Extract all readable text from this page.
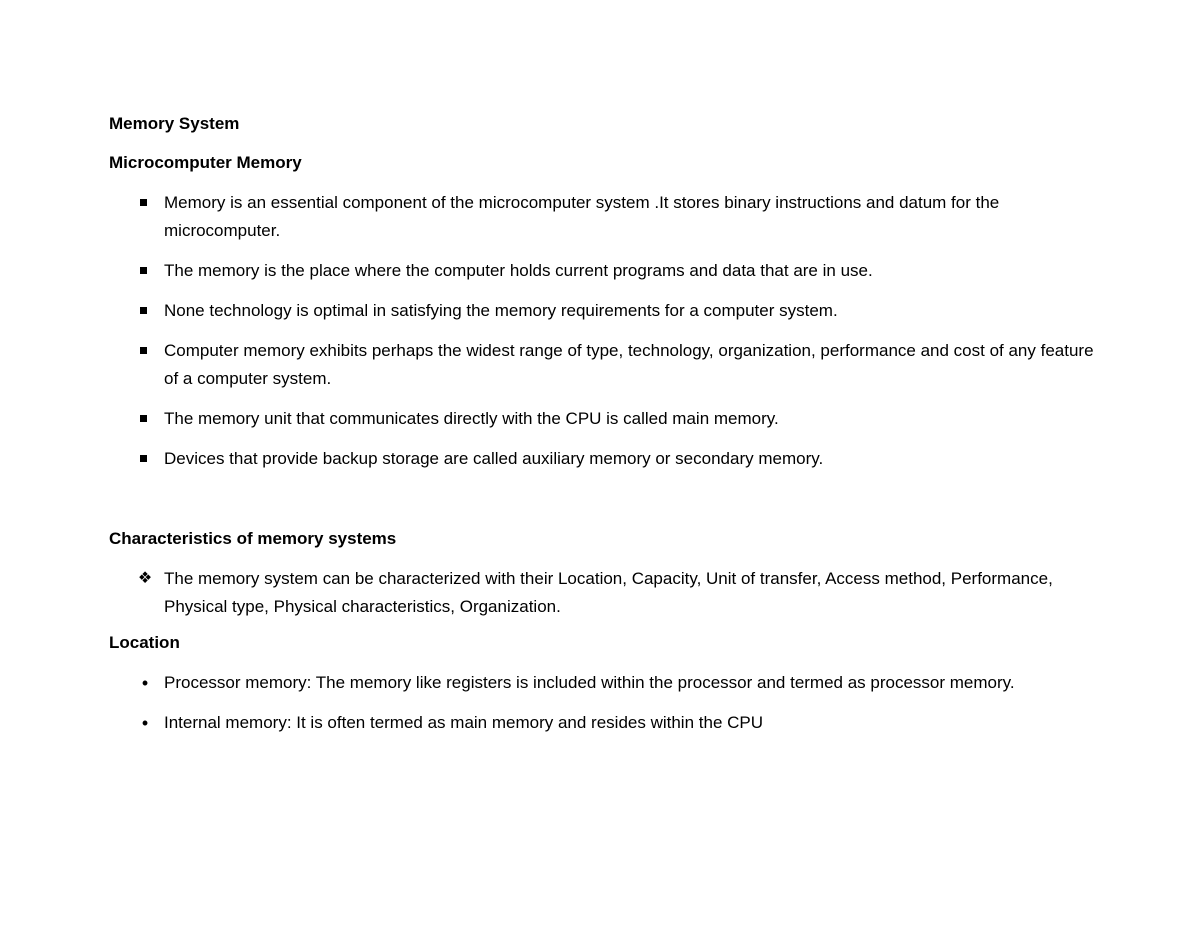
Memory System
Microcomputer Memory
Memory is an essential component of the microcomputer system .It stores binary instructions and datum for the microcomputer.
The memory is the place where the computer holds current programs and data that are in use.
None technology is optimal in satisfying the memory requirements for a computer system.
Computer memory exhibits perhaps the widest range of type, technology, organization, performance and cost of any feature of a computer system.
The memory unit that communicates directly with the CPU is called main memory.
Devices that provide backup storage are called auxiliary memory or secondary memory.
Characteristics of memory systems
❖ The memory system can be characterized with their Location, Capacity, Unit of transfer, Access method, Performance, Physical type, Physical characteristics, Organization.
Location
• Processor memory: The memory like registers is included within the processor and termed as processor memory.
• Internal memory: It is often termed as main memory and resides within the CPU
